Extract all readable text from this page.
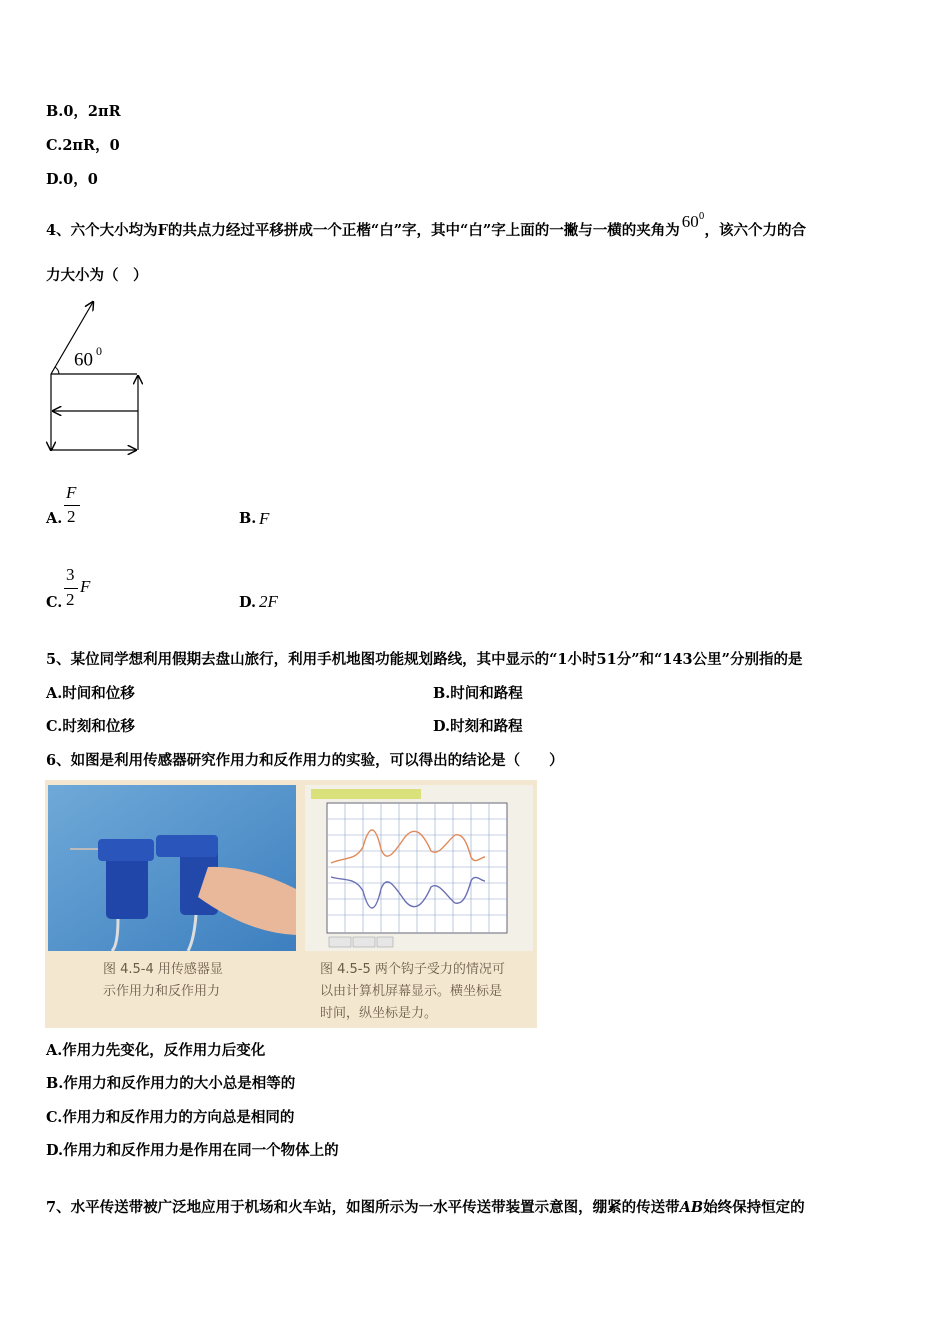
B.0，2πR
C.2πR，0
D.0，0
4、六个大小均为F的共点力经过平移拼成一个正楷“白”字，其中“白”字上面的一撇与一横的夹角为 $60^0$，该六个力的合
力大小为（　）
60 $^0$
A.
F
2	B. F
C.
3
2
F
D. 2F
5、某位同学想利用假期去盘山旅行，利用手机地图功能规划路线，其中显示的“1小时51分”和“143公里”分别指的是
A.时间和位移	B.时间和路程
C.时刻和位移	D.时刻和路程
6、如图是利用传感器研究作用力和反作用力的实验，可以得出的结论是（　　）
图 4.5-4 用传感器显
示作用力和反作用力
图 4.5-5 两个钩子受力的情况可
以由计算机屏幕显示。横坐标是
时间，纵坐标是力。
A.作用力先变化，反作用力后变化
B.作用力和反作用力的大小总是相等的
C.作用力和反作用力的方向总是相同的
D.作用力和反作用力是作用在同一个物体上的
7、水平传送带被广泛地应用于机场和火车站，如图所示为一水平传送带装置示意图，绷紧的传送带AB始终保持恒定的
